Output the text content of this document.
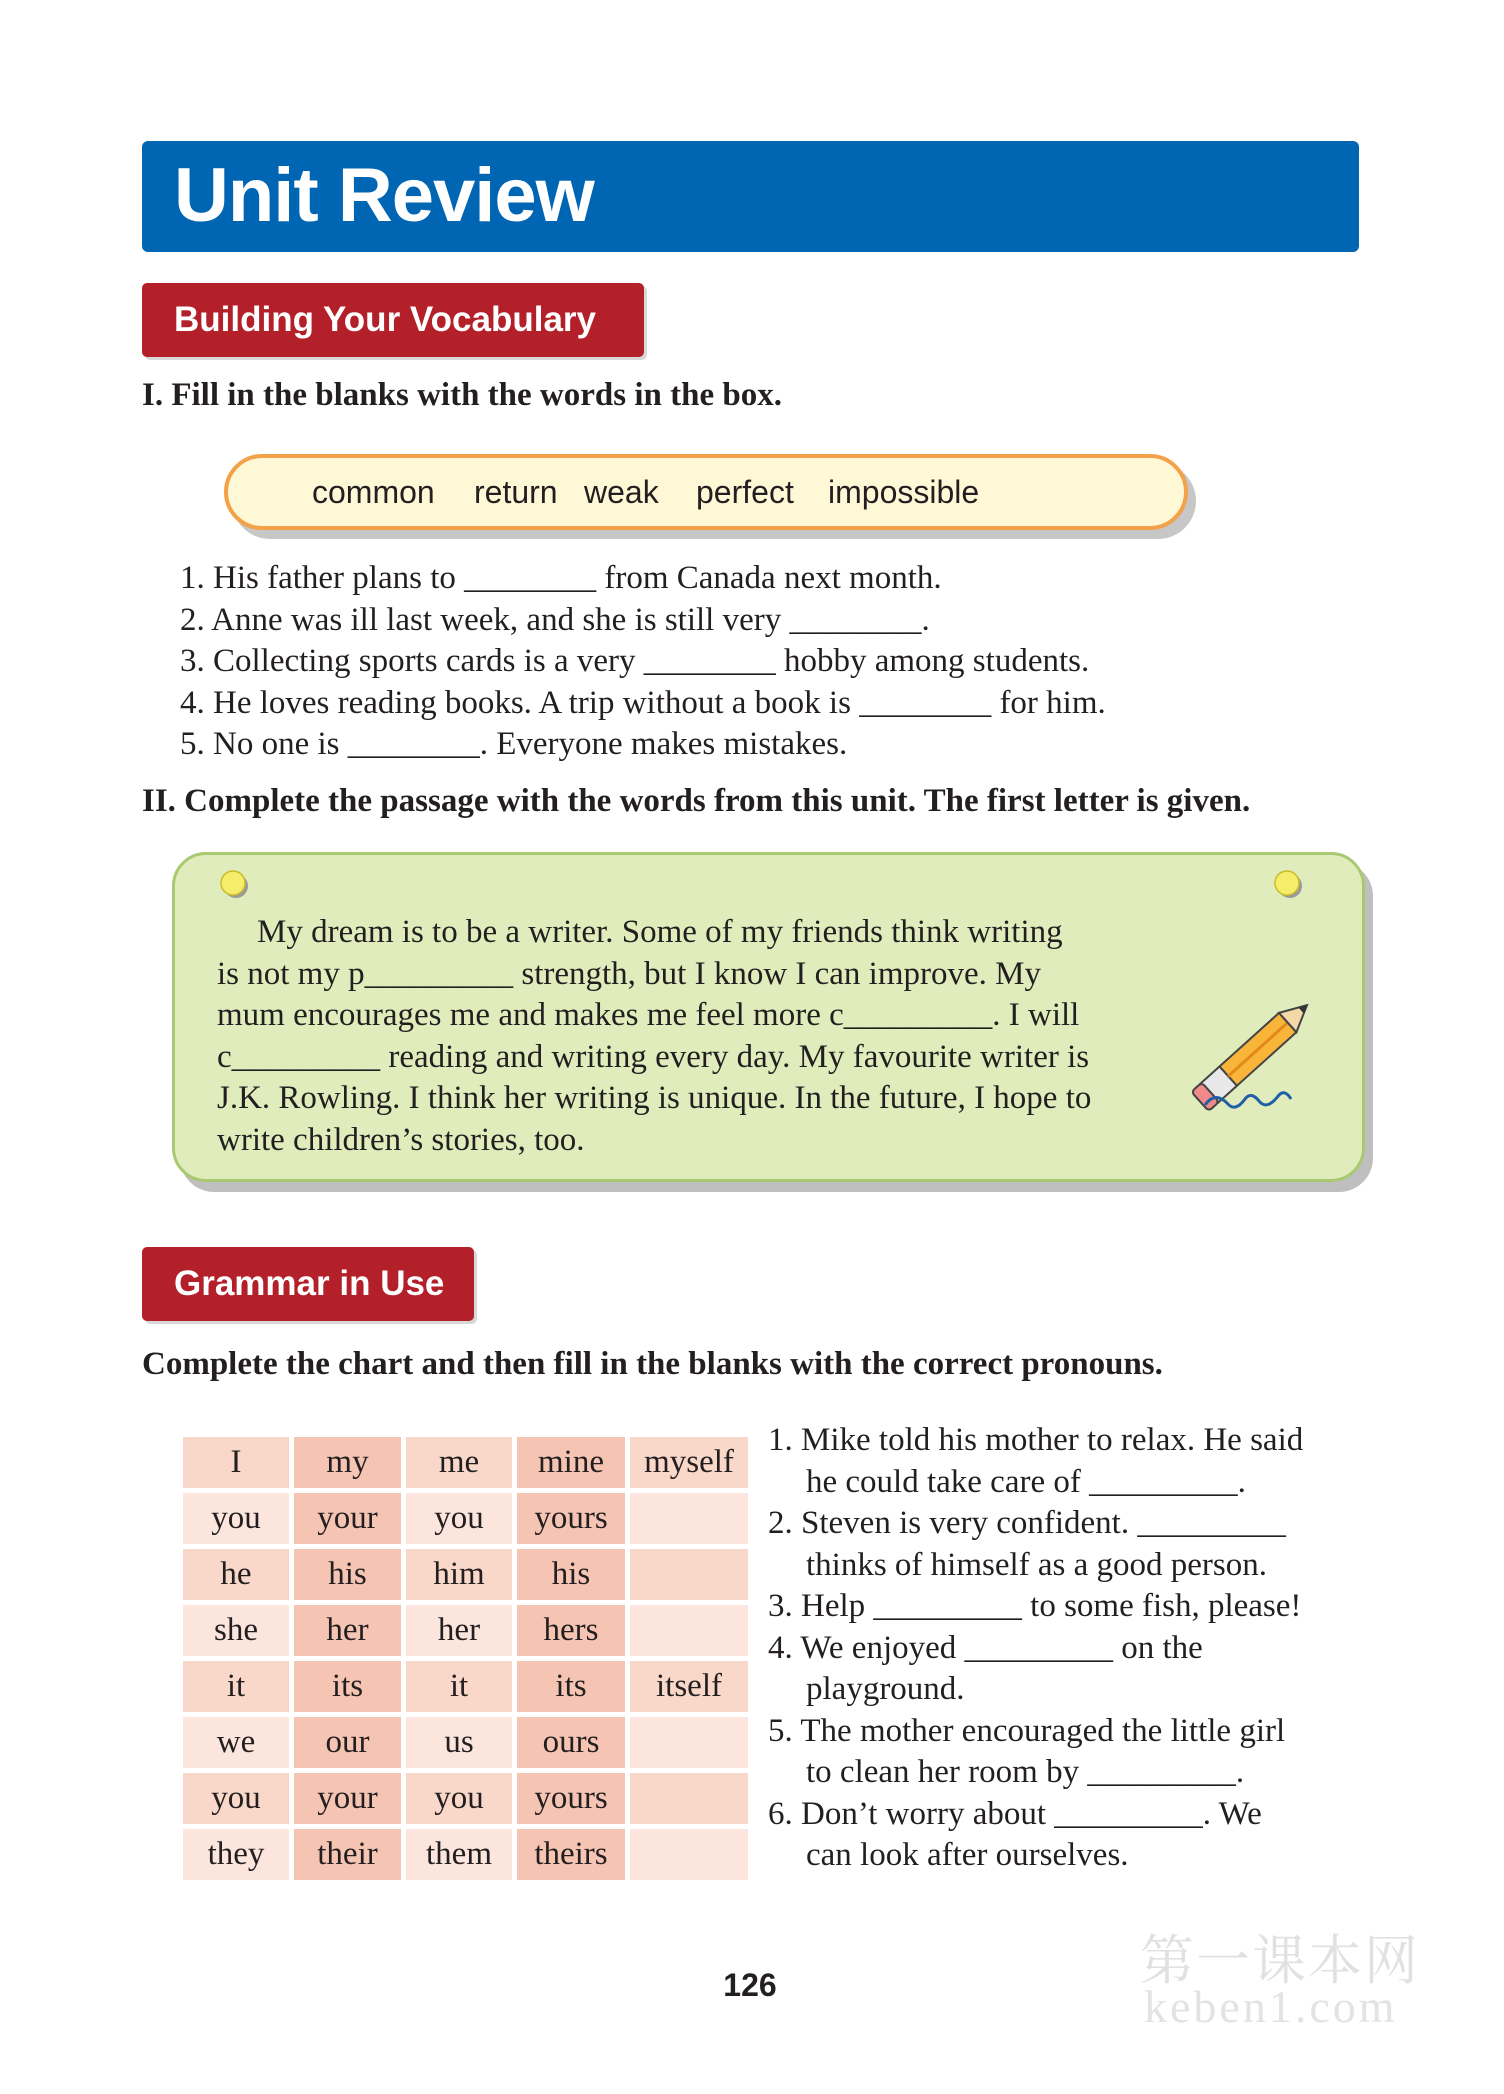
Unit Review
Building Your Vocabulary
I. Fill in the blanks with the words in the box.
common return weak perfect impossible
1. His father plans to ________ from Canada next month.
2. Anne was ill last week, and she is still very ________.
3. Collecting sports cards is a very ________ hobby among students.
4. He loves reading books. A trip without a book is ________ for him.
5. No one is ________. Everyone makes mistakes.
II. Complete the passage with the words from this unit. The first letter is given.
My dream is to be a writer. Some of my friends think writing
is not my p_________ strength, but I know I can improve. My
mum encourages me and makes me feel more c_________. I will
c_________ reading and writing every day. My favourite writer is
J.K. Rowling. I think her writing is unique. In the future, I hope to
write children’s stories, too.
Grammar in Use
Complete the chart and then fill in the blanks with the correct pronouns.
I	my	me	mine	myself
you	your	you	yours	
he	his	him	his	
she	her	her	hers	
it	its	it	its	itself
we	our	us	ours	
you	your	you	yours	
they	their	them	theirs	
1. Mike told his mother to relax. He said
he could take care of _________.
2. Steven is very confident. _________
thinks of himself as a good person.
3. Help _________ to some fish, please!
4. We enjoyed _________ on the
playground.
5. The mother encouraged the little girl
to clean her room by _________.
6. Don’t worry about _________. We
can look after ourselves.
126	第一课本网
keben1.com
